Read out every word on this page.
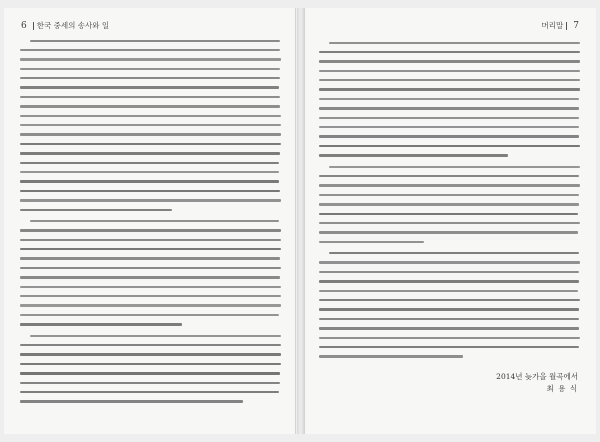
6 한국 중세의 송사와 일	머리말 7
2014년 늦가을 월곡에서
최 용 식
